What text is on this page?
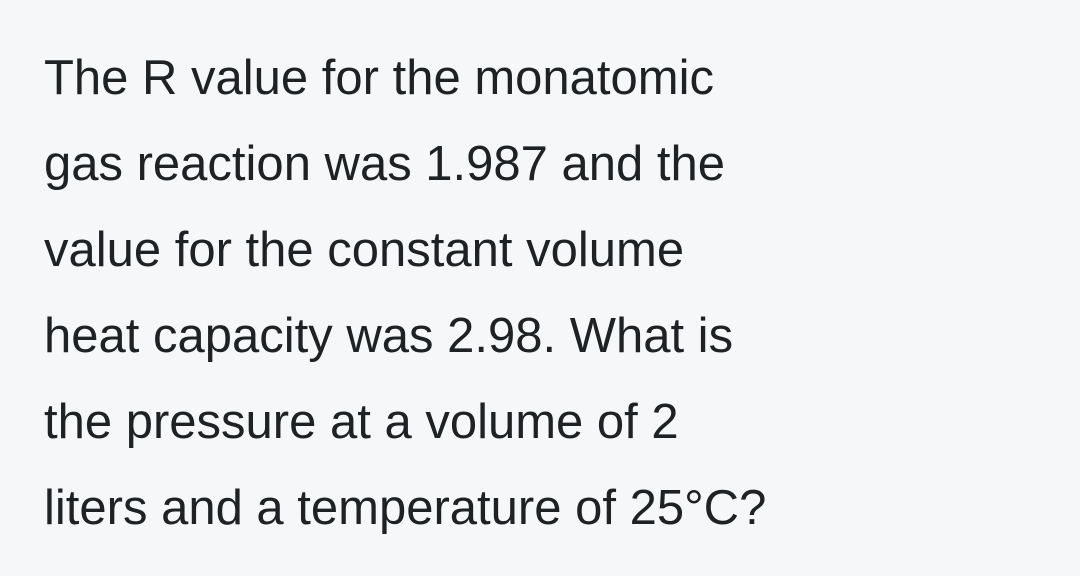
The R value for the monatomic
gas reaction was 1.987 and the
value for the constant volume
heat capacity was 2.98. What is
the pressure at a volume of 2
liters and a temperature of 25°C?
